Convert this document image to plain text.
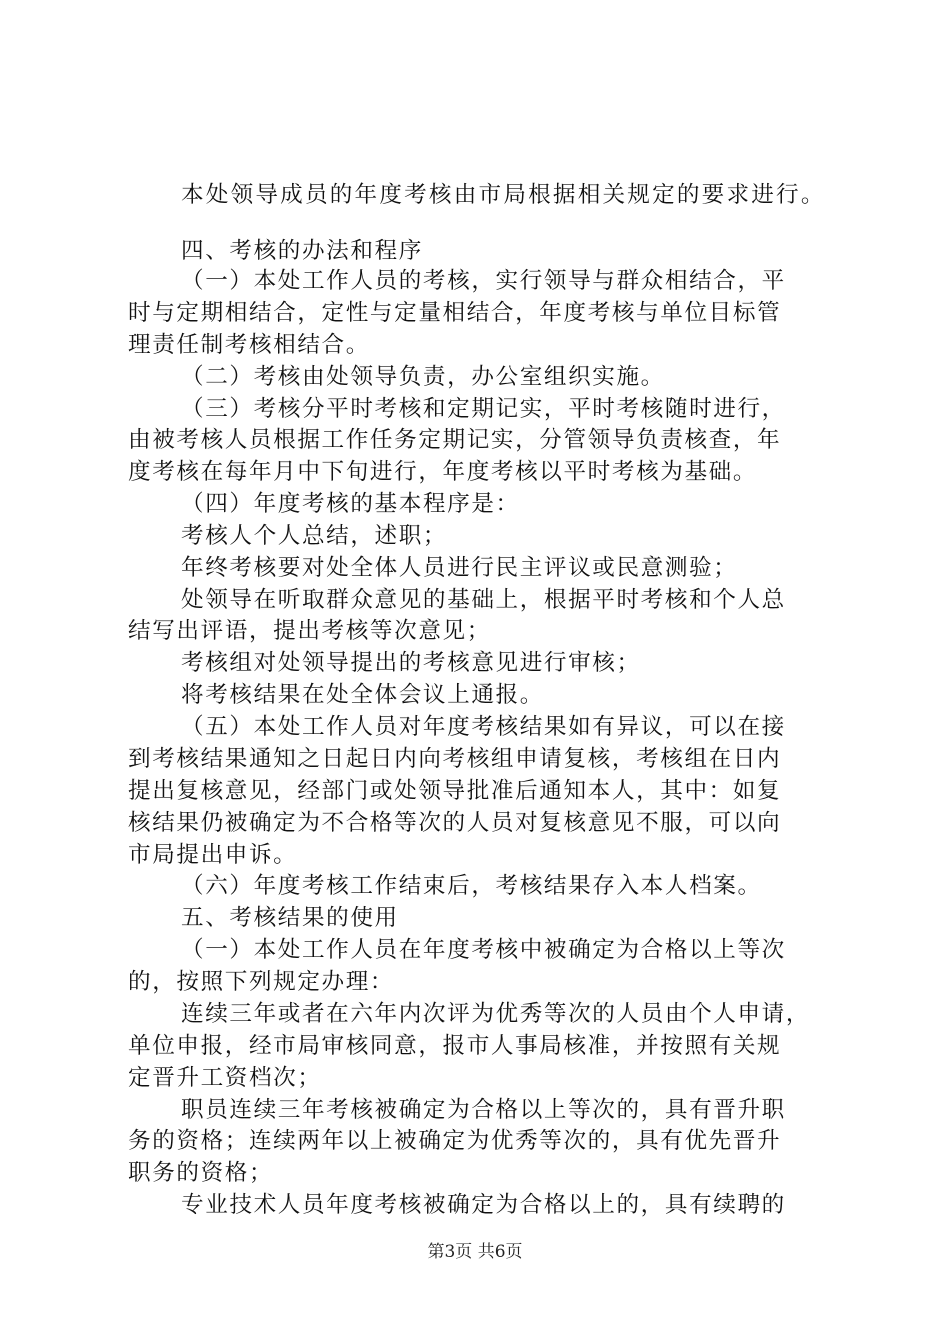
本处领导成员的年度考核由市局根据相关规定的要求进行。
四、考核的办法和程序
（一）本处工作人员的考核，实行领导与群众相结合，平
时与定期相结合，定性与定量相结合，年度考核与单位目标管
理责任制考核相结合。
（二）考核由处领导负责，办公室组织实施。
（三）考核分平时考核和定期记实，平时考核随时进行，
由被考核人员根据工作任务定期记实，分管领导负责核查，年
度考核在每年月中下旬进行，年度考核以平时考核为基础。
（四）年度考核的基本程序是：
考核人个人总结，述职；
年终考核要对处全体人员进行民主评议或民意测验；
处领导在听取群众意见的基础上，根据平时考核和个人总
结写出评语，提出考核等次意见；
考核组对处领导提出的考核意见进行审核；
将考核结果在处全体会议上通报。
（五）本处工作人员对年度考核结果如有异议，可以在接
到考核结果通知之日起日内向考核组申请复核，考核组在日内
提出复核意见，经部门或处领导批准后通知本人，其中：如复
核结果仍被确定为不合格等次的人员对复核意见不服，可以向
市局提出申诉。
（六）年度考核工作结束后，考核结果存入本人档案。
五、考核结果的使用
（一）本处工作人员在年度考核中被确定为合格以上等次
的，按照下列规定办理：
连续三年或者在六年内次评为优秀等次的人员由个人申请，
单位申报，经市局审核同意，报市人事局核准，并按照有关规
定晋升工资档次；
职员连续三年考核被确定为合格以上等次的，具有晋升职
务的资格；连续两年以上被确定为优秀等次的，具有优先晋升
职务的资格；
专业技术人员年度考核被确定为合格以上的，具有续聘的
第3页 共6页
